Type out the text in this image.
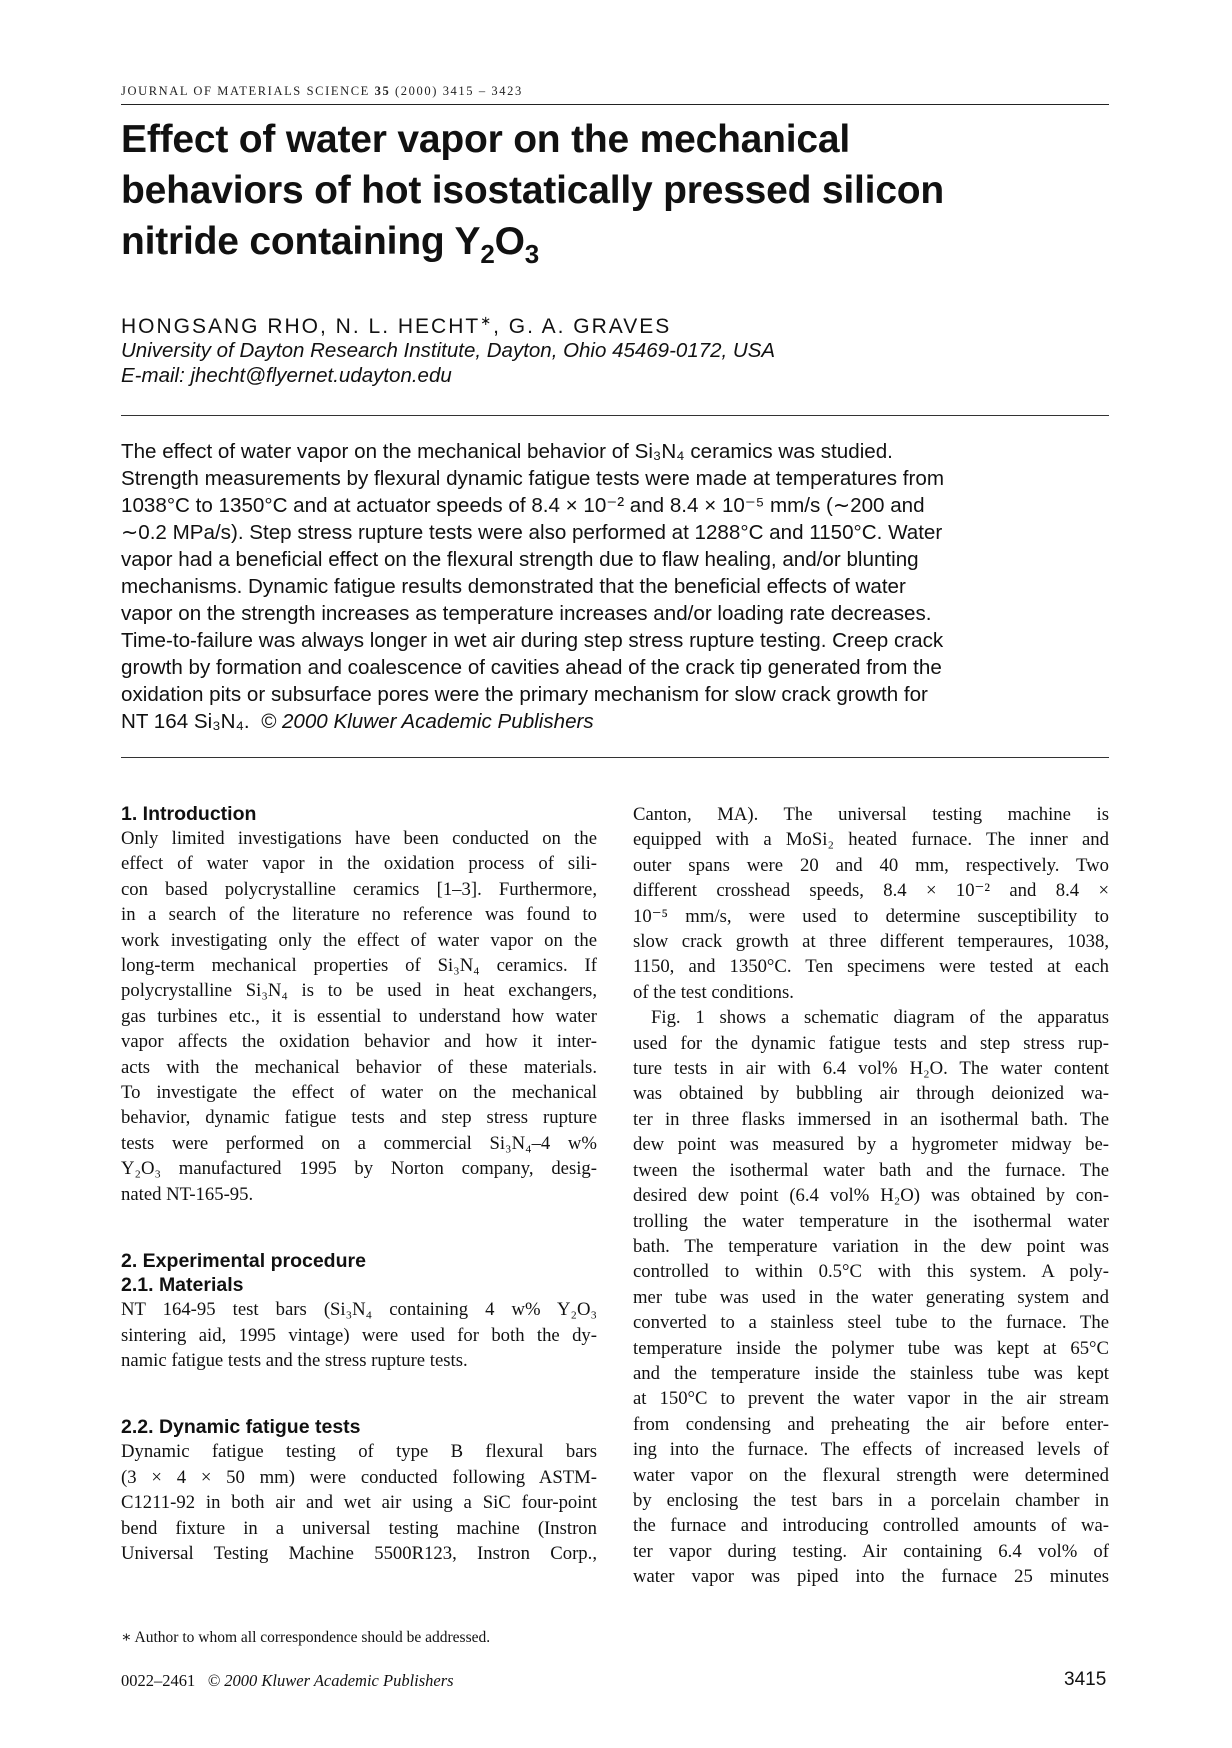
JOURNAL OF MATERIALS SCIENCE 35 (2000) 3415 – 3423
Effect of water vapor on the mechanical
behaviors of hot isostatically pressed silicon
nitride containing $Y_2O_3$
HONGSANG RHO, N. L. HECHT∗, G. A. GRAVES
University of Dayton Research Institute, Dayton, Ohio 45469-0172, USA
E-mail: jhecht@flyernet.udayton.edu
The effect of water vapor on the mechanical behavior of Si₃N₄ ceramics was studied.
Strength measurements by flexural dynamic fatigue tests were made at temperatures from
1038°C to 1350°C and at actuator speeds of 8.4 × 10⁻² and 8.4 × 10⁻⁵ mm/s (∼200 and
∼0.2 MPa/s). Step stress rupture tests were also performed at 1288°C and 1150°C. Water
vapor had a beneficial effect on the flexural strength due to flaw healing, and/or blunting
mechanisms. Dynamic fatigue results demonstrated that the beneficial effects of water
vapor on the strength increases as temperature increases and/or loading rate decreases.
Time-to-failure was always longer in wet air during step stress rupture testing. Creep crack
growth by formation and coalescence of cavities ahead of the crack tip generated from the
oxidation pits or subsurface pores were the primary mechanism for slow crack growth for
NT 164 Si₃N₄. © 2000 Kluwer Academic Publishers
1. Introduction

Only limited investigations have been conducted on the
effect of water vapor in the oxidation process of sili-
con based polycrystalline ceramics [1–3]. Furthermore,
in a search of the literature no reference was found to
work investigating only the effect of water vapor on the
long-term mechanical properties of Si₃N₄ ceramics. If
polycrystalline Si₃N₄ is to be used in heat exchangers,
gas turbines etc., it is essential to understand how water
vapor affects the oxidation behavior and how it inter-
acts with the mechanical behavior of these materials.
To investigate the effect of water on the mechanical
behavior, dynamic fatigue tests and step stress rupture
tests were performed on a commercial Si₃N₄–4 w%
Y₂O₃ manufactured 1995 by Norton company, desig-
nated NT-165-95.

2. Experimental procedure
2.1. Materials

NT 164-95 test bars (Si₃N₄ containing 4 w% Y₂O₃
sintering aid, 1995 vintage) were used for both the dy-
namic fatigue tests and the stress rupture tests.

2.2. Dynamic fatigue tests

Dynamic fatigue testing of type B flexural bars
(3 × 4 × 50 mm) were conducted following ASTM-
C1211-92 in both air and wet air using a SiC four-point
bend fixture in a universal testing machine (Instron
Universal Testing Machine 5500R123, Instron Corp.,

Canton, MA). The universal testing machine is
equipped with a MoSi₂ heated furnace. The inner and
outer spans were 20 and 40 mm, respectively. Two
different crosshead speeds, 8.4 × 10⁻² and 8.4 ×
10⁻⁵ mm/s, were used to determine susceptibility to
slow crack growth at three different temperaures, 1038,
1150, and 1350°C. Ten specimens were tested at each
of the test conditions.

Fig. 1 shows a schematic diagram of the apparatus
used for the dynamic fatigue tests and step stress rup-
ture tests in air with 6.4 vol% H₂O. The water content
was obtained by bubbling air through deionized wa-
ter in three flasks immersed in an isothermal bath. The
dew point was measured by a hygrometer midway be-
tween the isothermal water bath and the furnace. The
desired dew point (6.4 vol% H₂O) was obtained by con-
trolling the water temperature in the isothermal water
bath. The temperature variation in the dew point was
controlled to within 0.5°C with this system. A poly-
mer tube was used in the water generating system and
converted to a stainless steel tube to the furnace. The
temperature inside the polymer tube was kept at 65°C
and the temperature inside the stainless tube was kept
at 150°C to prevent the water vapor in the air stream
from condensing and preheating the air before enter-
ing into the furnace. The effects of increased levels of
water vapor on the flexural strength were determined
by enclosing the test bars in a porcelain chamber in
the furnace and introducing controlled amounts of wa-
ter vapor during testing. Air containing 6.4 vol% of
water vapor was piped into the furnace 25 minutes

∗ Author to whom all correspondence should be addressed.
0022–2461 © 2000 Kluwer Academic Publishers	3415
